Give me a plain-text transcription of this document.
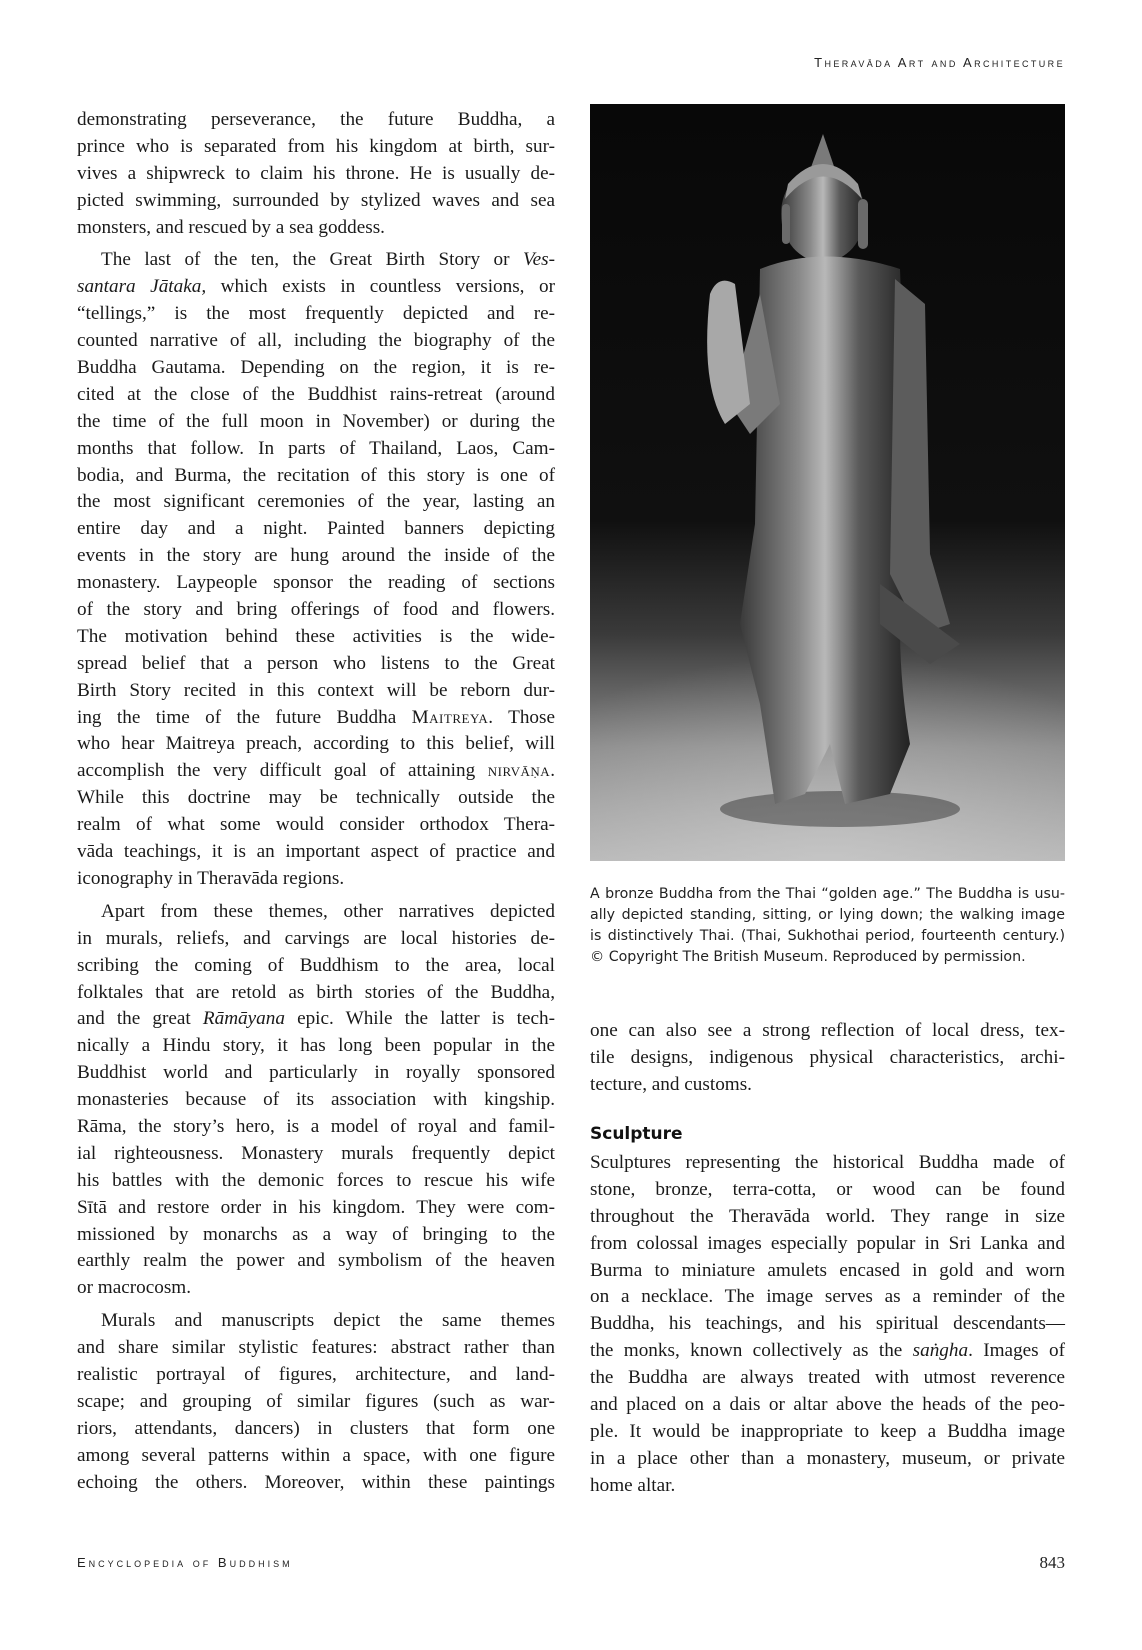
Theravāda Art and Architecture
demonstrating perseverance, the future Buddha, a
prince who is separated from his kingdom at birth, sur-
vives a shipwreck to claim his throne. He is usually de-
picted swimming, surrounded by stylized waves and sea
monsters, and rescued by a sea goddess.
The last of the ten, the Great Birth Story or Ves-
santara Jātaka, which exists in countless versions, or
“tellings,” is the most frequently depicted and re-
counted narrative of all, including the biography of the
Buddha Gautama. Depending on the region, it is re-
cited at the close of the Buddhist rains-retreat (around
the time of the full moon in November) or during the
months that follow. In parts of Thailand, Laos, Cam-
bodia, and Burma, the recitation of this story is one of
the most significant ceremonies of the year, lasting an
entire day and a night. Painted banners depicting
events in the story are hung around the inside of the
monastery. Laypeople sponsor the reading of sections
of the story and bring offerings of food and flowers.
The motivation behind these activities is the wide-
spread belief that a person who listens to the Great
Birth Story recited in this context will be reborn dur-
ing the time of the future Buddha Maitreya. Those
who hear Maitreya preach, according to this belief, will
accomplish the very difficult goal of attaining nirvāṇa.
While this doctrine may be technically outside the
realm of what some would consider orthodox Thera-
vāda teachings, it is an important aspect of practice and
iconography in Theravāda regions.
Apart from these themes, other narratives depicted
in murals, reliefs, and carvings are local histories de-
scribing the coming of Buddhism to the area, local
folktales that are retold as birth stories of the Buddha,
and the great Rāmāyana epic. While the latter is tech-
nically a Hindu story, it has long been popular in the
Buddhist world and particularly in royally sponsored
monasteries because of its association with kingship.
Rāma, the story’s hero, is a model of royal and famil-
ial righteousness. Monastery murals frequently depict
his battles with the demonic forces to rescue his wife
Sītā and restore order in his kingdom. They were com-
missioned by monarchs as a way of bringing to the
earthly realm the power and symbolism of the heaven
or macrocosm.
Murals and manuscripts depict the same themes
and share similar stylistic features: abstract rather than
realistic portrayal of figures, architecture, and land-
scape; and grouping of similar figures (such as war-
riors, attendants, dancers) in clusters that form one
among several patterns within a space, with one figure
echoing the others. Moreover, within these paintings
A bronze Buddha from the Thai “golden age.” The Buddha is usu-
ally depicted standing, sitting, or lying down; the walking image
is distinctively Thai. (Thai, Sukhothai period, fourteenth century.)
© Copyright The British Museum. Reproduced by permission.
one can also see a strong reflection of local dress, tex-
tile designs, indigenous physical characteristics, archi-
tecture, and customs.
Sculpture
Sculptures representing the historical Buddha made of
stone, bronze, terra-cotta, or wood can be found
throughout the Theravāda world. They range in size
from colossal images especially popular in Sri Lanka and
Burma to miniature amulets encased in gold and worn
on a necklace. The image serves as a reminder of the
Buddha, his teachings, and his spiritual descendants—
the monks, known collectively as the saṅgha. Images of
the Buddha are always treated with utmost reverence
and placed on a dais or altar above the heads of the peo-
ple. It would be inappropriate to keep a Buddha image
in a place other than a monastery, museum, or private
home altar.
Encyclopedia of Buddhism	843
